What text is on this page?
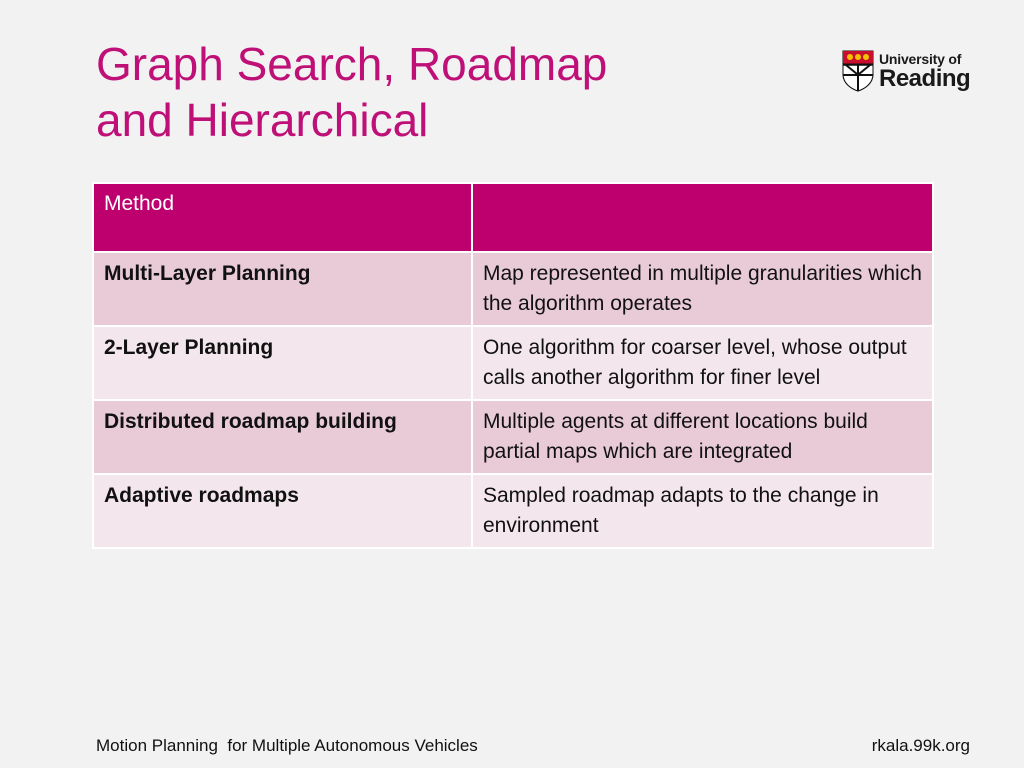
Graph Search, Roadmap
and Hierarchical
University of
Reading
Method	
Multi-Layer Planning	Map represented in multiple granularities which the algorithm operates
2-Layer Planning	One algorithm for coarser level, whose output calls another algorithm for finer level
Distributed roadmap building	Multiple agents at different locations build partial maps which are integrated
Adaptive roadmaps	Sampled roadmap adapts to the change in environment
Motion Planning  for Multiple Autonomous Vehicles	rkala.99k.org
